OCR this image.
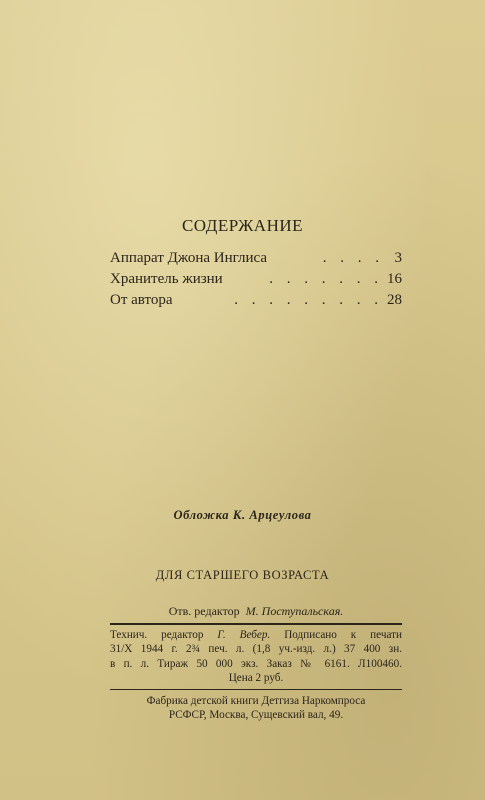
СОДЕРЖАНИЕ
Аппарат Джона Инглиса	. . . . 3
Хранитель жизни	. . . . . . . 16
От автора	. . . . . . . . . 28
Обложка К. Арцеулова
ДЛЯ СТАРШЕГО ВОЗРАСТА
Отв. редактор М. Поступальская.
Технич. редактор Г. Вебер. Подписано к печати
31/X 1944 г. 2¾ печ. л. (1,8 уч.-изд. л.) 37 400 зн.
в п. л. Тираж 50 000 экз. Заказ № 6161. Л100460.
Цена 2 руб.
Фабрика детской книги Детгиза Наркомпроса
РСФСР, Москва, Сущевский вал, 49.
